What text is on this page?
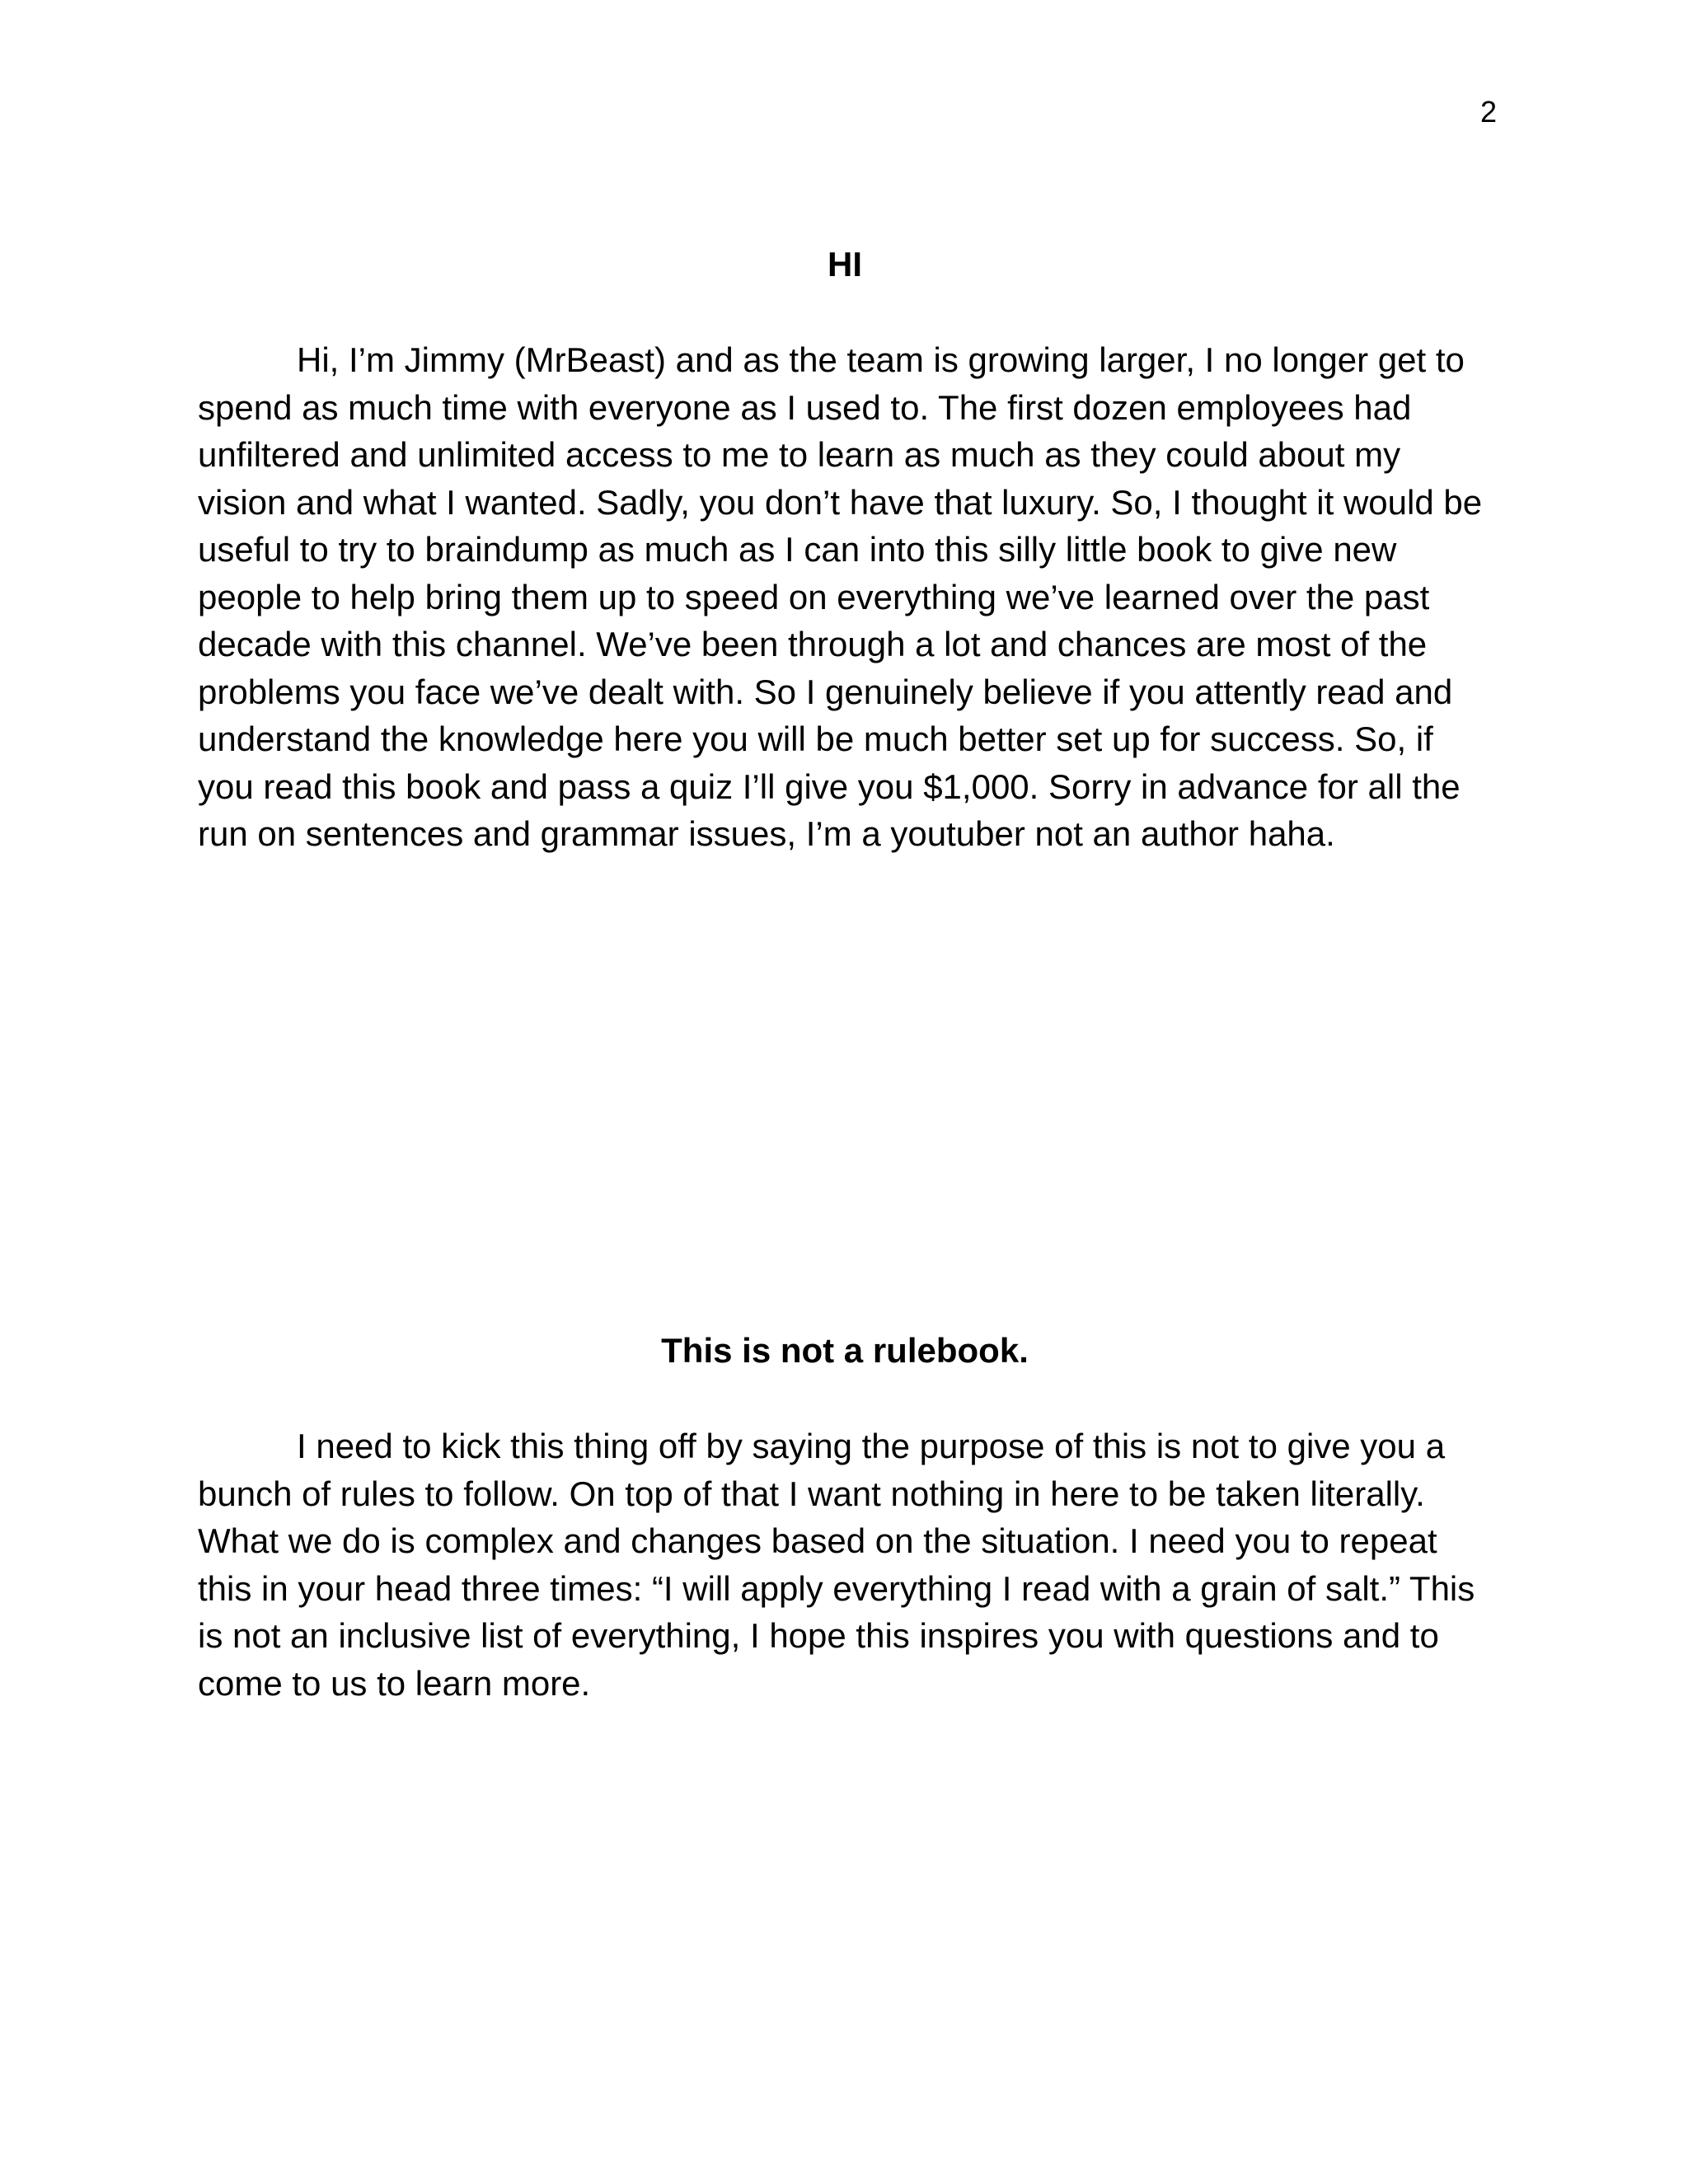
2
HI

Hi, I’m Jimmy (MrBeast) and as the team is growing larger, I no longer get to spend as much time with everyone as I used to. The first dozen employees had unfiltered and unlimited access to me to learn as much as they could about my vision and what I wanted. Sadly, you don’t have that luxury. So, I thought it would be useful to try to braindump as much as I can into this silly little book to give new people to help bring them up to speed on everything we’ve learned over the past decade with this channel. We’ve been through a lot and chances are most of the problems you face we’ve dealt with. So I genuinely believe if you attently read and understand the knowledge here you will be much better set up for success. So, if you read this book and pass a quiz I’ll give you $1,000. Sorry in advance for all the run on sentences and grammar issues, I’m a youtuber not an author haha.

This is not a rulebook.

I need to kick this thing off by saying the purpose of this is not to give you a bunch of rules to follow. On top of that I want nothing in here to be taken literally. What we do is complex and changes based on the situation. I need you to repeat this in your head three times: “I will apply everything I read with a grain of salt.” This is not an inclusive list of everything, I hope this inspires you with questions and to come to us to learn more.
